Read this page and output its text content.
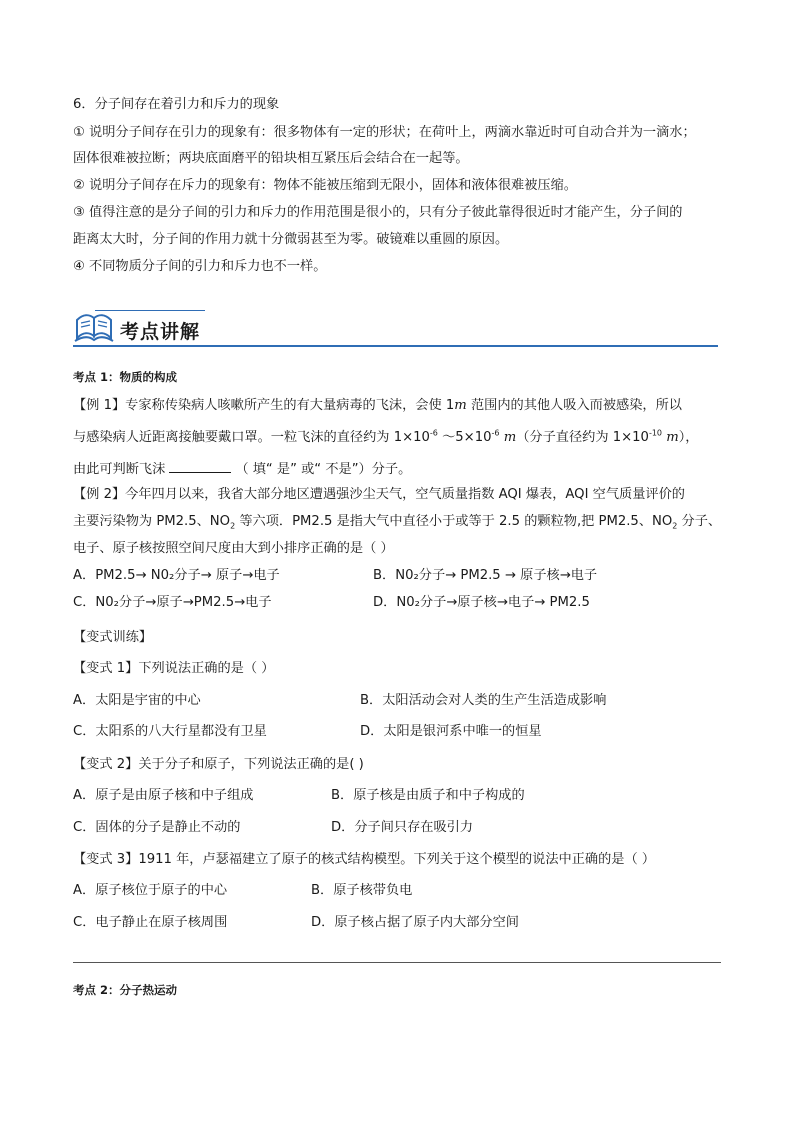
6．分子间存在着引力和斥力的现象
① 说明分子间存在引力的现象有：很多物体有一定的形状；在荷叶上，两滴水靠近时可自动合并为一滴水；
固体很难被拉断；两块底面磨平的铅块相互紧压后会结合在一起等。
② 说明分子间存在斥力的现象有：物体不能被压缩到无限小，固体和液体很难被压缩。
③ 值得注意的是分子间的引力和斥力的作用范围是很小的，只有分子彼此靠得很近时才能产生，分子间的
距离太大时，分子间的作用力就十分微弱甚至为零。破镜难以重圆的原因。
④ 不同物质分子间的引力和斥力也不一样。
考点讲解
考点 1：物质的构成
【例 1】专家称传染病人咳嗽所产生的有大量病毒的飞沫，会使 1m 范围内的其他人吸入而被感染，所以
与感染病人近距离接触要戴口罩。一粒飞沫的直径约为 $1\times 10^{-6}$ $\sim 5\times 10^{-6}$ m（分子直径约为 $1\times 10^{-10}$ m），
由此可判断飞沫	（ 填“ 是” 或“ 不是”）分子。
【例 2】今年四月以来，我省大部分地区遭遇强沙尘天气，空气质量指数 AQI 爆表，AQI 空气质量评价的
主要污染物为 PM2.5、$NO_2$ 等六项．PM2.5 是指大气中直径小于或等于 2.5 的颗粒物,把 PM2.5、$NO_2$ 分子、
电子、原子核按照空间尺度由大到小排序正确的是（ ）
A．PM2.5→ N0₂分子→ 原子→电子	B．N0₂分子→ PM2.5 → 原子核→电子
C．N0₂分子→原子→PM2.5→电子	D．N0₂分子→原子核→电子→ PM2.5
【变式训练】
【变式 1】下列说法正确的是（ ）
A．太阳是宇宙的中心	B．太阳活动会对人类的生产生活造成影响
C．太阳系的八大行星都没有卫星	D．太阳是银河系中唯一的恒星
【变式 2】关于分子和原子，下列说法正确的是( )
A．原子是由原子核和中子组成	B．原子核是由质子和中子构成的
C．固体的分子是静止不动的	D．分子间只存在吸引力
【变式 3】1911 年，卢瑟福建立了原子的核式结构模型。下列关于这个模型的说法中正确的是（ ）
A．原子核位于原子的中心	B．原子核带负电
C．电子静止在原子核周围	D．原子核占据了原子内大部分空间
考点 2：分子热运动
